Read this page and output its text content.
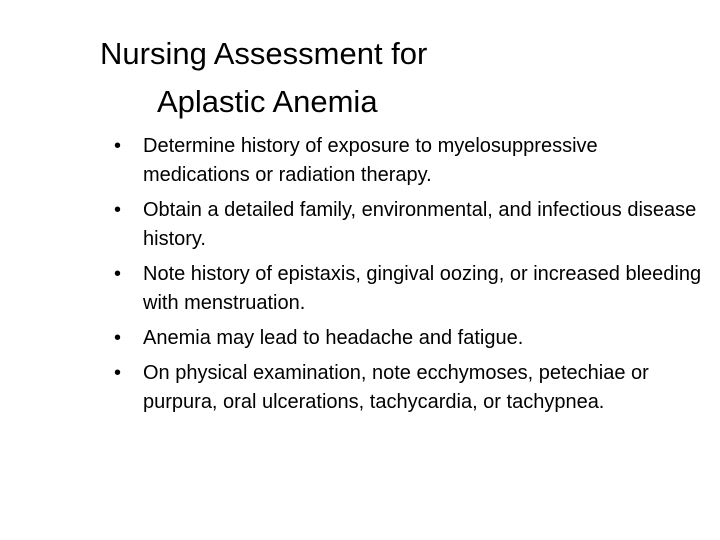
Nursing Assessment for
Aplastic Anemia
•	Determine history of exposure to myelosuppressive medications or radiation therapy.
•	Obtain a detailed family, environmental, and infectious disease history.
•	Note history of epistaxis, gingival oozing, or increased bleeding with menstruation.
•	Anemia may lead to headache and fatigue.
•	On physical examination, note ecchymoses, petechiae or purpura, oral ulcerations, tachycardia, or tachypnea.
